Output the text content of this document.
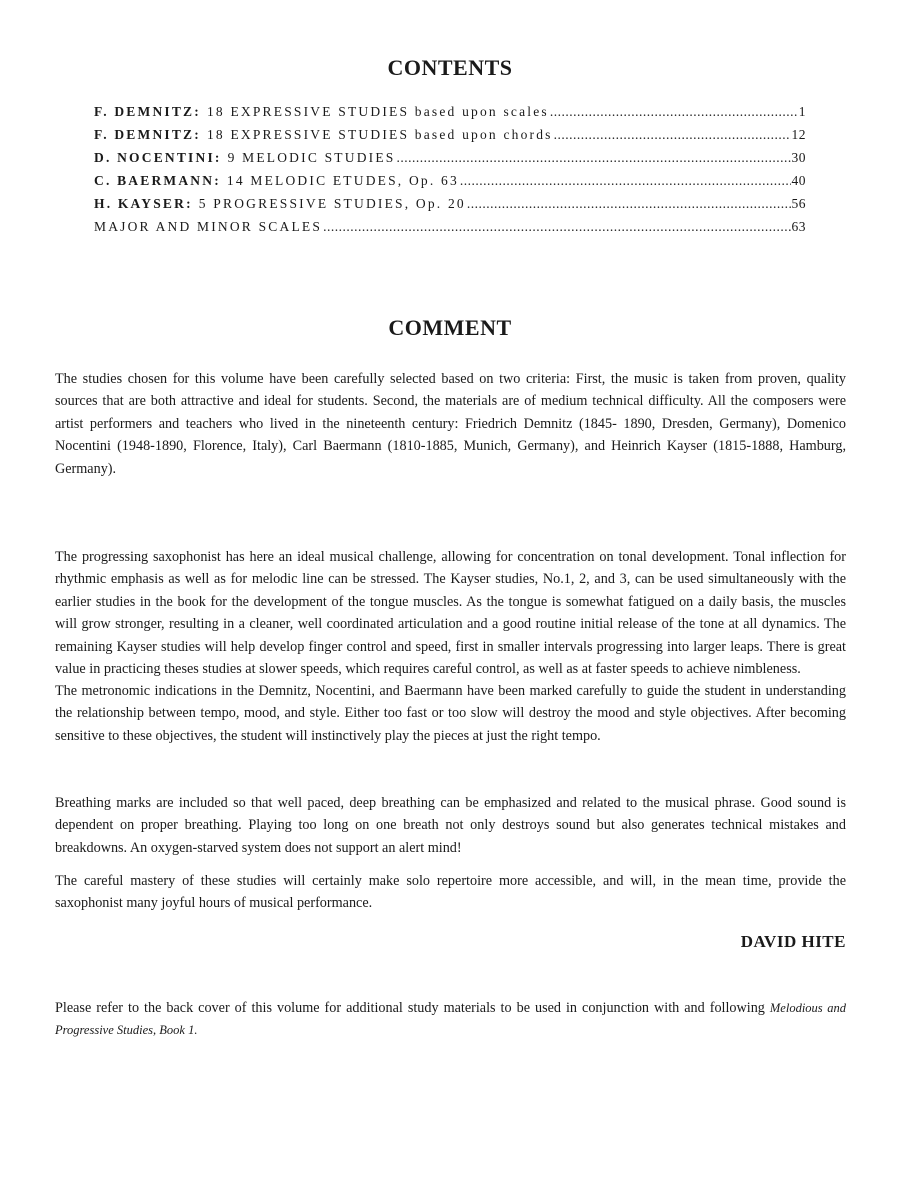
CONTENTS
F. DEMNITZ: 18 EXPRESSIVE STUDIES based upon scales .....	1
F. DEMNITZ: 18 EXPRESSIVE STUDIES based upon chords .....	12
D. NOCENTINI: 9 MELODIC STUDIES .....	30
C. BAERMANN: 14 MELODIC ETUDES, Op. 63 .....	40
H. KAYSER: 5 PROGRESSIVE STUDIES, Op. 20 .....	56
MAJOR AND MINOR SCALES .....	63
COMMENT

The studies chosen for this volume have been carefully selected based on two criteria: First, the music is taken from proven, quality sources that are both attractive and ideal for students. Second, the materials are of medium technical difficulty. All the composers were artist performers and teachers who lived in the nineteenth century: Friedrich Demnitz (1845- 1890, Dresden, Germany), Domenico Nocentini (1948-1890, Florence, Italy), Carl Baermann (1810-1885, Munich, Germany), and Heinrich Kayser (1815-1888, Hamburg, Germany).

The progressing saxophonist has here an ideal musical challenge, allowing for concentration on tonal development. Tonal inflection for rhythmic emphasis as well as for melodic line can be stressed. The Kayser studies, No.1, 2, and 3, can be used simultaneously with the earlier studies in the book for the development of the tongue muscles. As the tongue is somewhat fatigued on a daily basis, the muscles will grow stronger, resulting in a cleaner, well coordinated articulation and a good routine initial release of the tone at all dynamics. The remaining Kayser studies will help develop finger control and speed, first in smaller intervals progressing into larger leaps. There is great value in practicing theses studies at slower speeds, which requires careful control, as well as at faster speeds to achieve nimbleness.

The metronomic indications in the Demnitz, Nocentini, and Baermann have been marked carefully to guide the student in understanding the relationship between tempo, mood, and style. Either too fast or too slow will destroy the mood and style objectives. After becoming sensitive to these objectives, the student will instinctively play the pieces at just the right tempo.

Breathing marks are included so that well paced, deep breathing can be emphasized and related to the musical phrase. Good sound is dependent on proper breathing. Playing too long on one breath not only destroys sound but also generates technical mistakes and breakdowns. An oxygen-starved system does not support an alert mind!

The careful mastery of these studies will certainly make solo repertoire more accessible, and will, in the mean time, provide the saxophonist many joyful hours of musical performance.

DAVID HITE

Please refer to the back cover of this volume for additional study materials to be used in conjunction with and following Melodious and Progressive Studies, Book 1.
